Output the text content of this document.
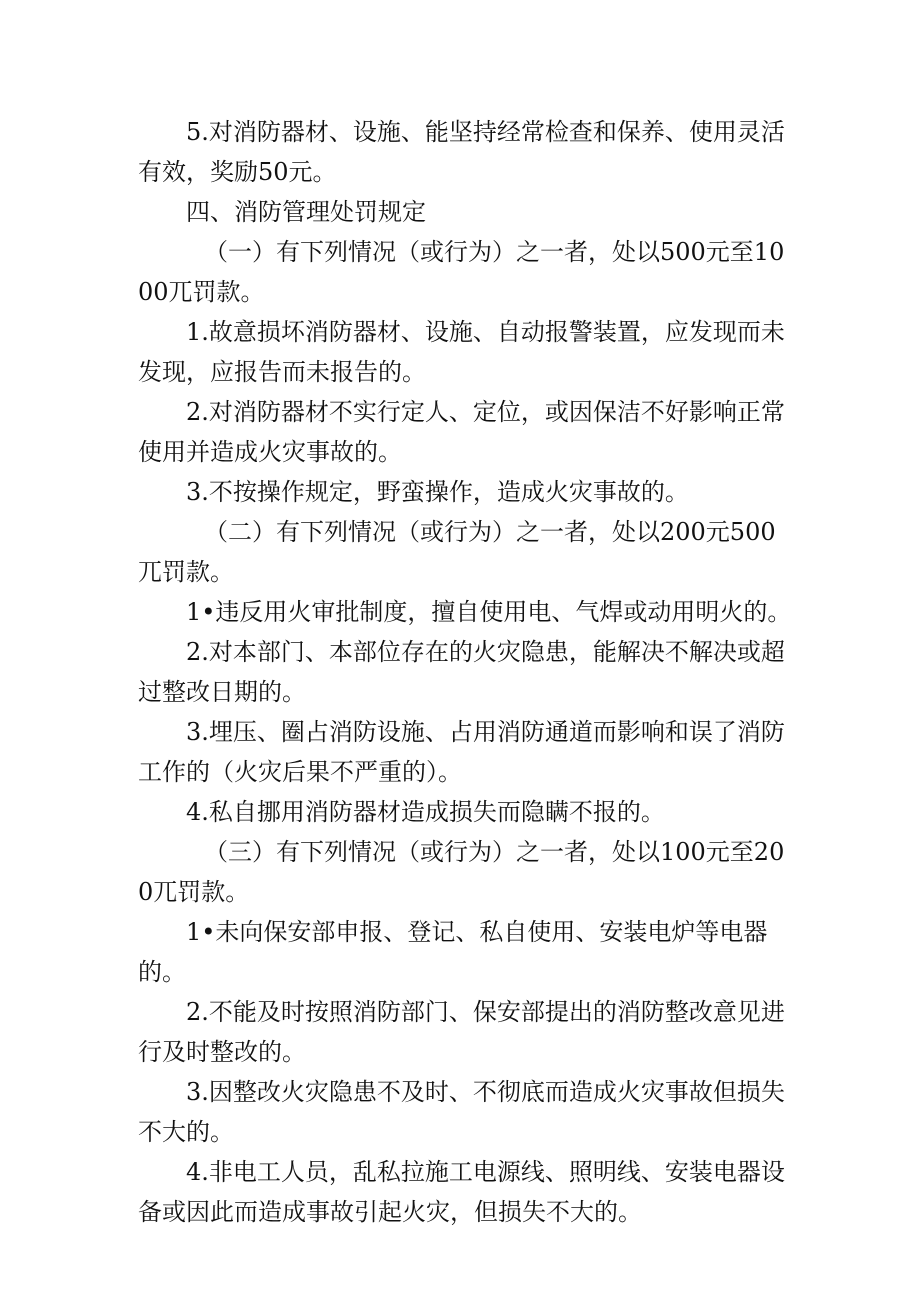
5.对消防器材、设施、能坚持经常检查和保养、使用灵活有效，奖励50元。

四、消防管理处罚规定

（一）有下列情况（或行为）之一者，处以500元至1000兀罚款。

1.故意损坏消防器材、设施、自动报警装置，应发现而未发现，应报告而未报告的。

2.对消防器材不实行定人、定位，或因保洁不好影响正常使用并造成火灾事故的。

3.不按操作规定，野蛮操作，造成火灾事故的。

（二）有下列情况（或行为）之一者，处以200元500兀罚款。

1•违反用火审批制度，擅自使用电、气焊或动用明火的。

2.对本部门、本部位存在的火灾隐患，能解决不解决或超过整改日期的。

3.埋压、圈占消防设施、占用消防通道而影响和误了消防工作的（火灾后果不严重的）。

4.私自挪用消防器材造成损失而隐瞒不报的。

（三）有下列情况（或行为）之一者，处以100元至200兀罚款。

1•未向保安部申报、登记、私自使用、安装电炉等电器的。

2.不能及时按照消防部门、保安部提出的消防整改意见进行及时整改的。

3.因整改火灾隐患不及时、不彻底而造成火灾事故但损失不大的。

4.非电工人员，乱私拉施工电源线、照明线、安装电器设备或因此而造成事故引起火灾，但损失不大的。
